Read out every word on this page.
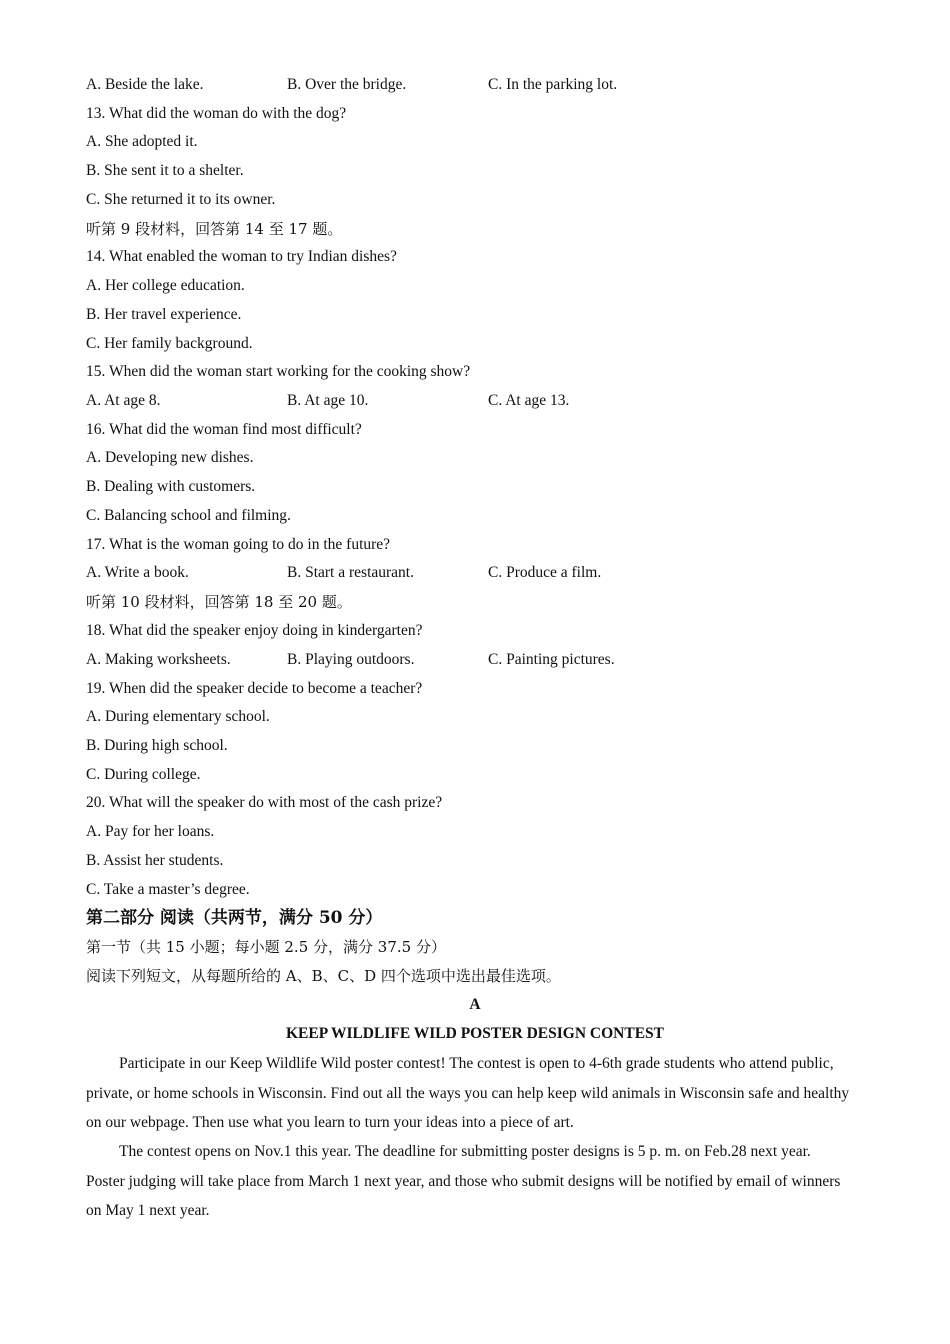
A. Beside the lake.	B. Over the bridge.	C. In the parking lot.
13. What did the woman do with the dog?
A. She adopted it.
B. She sent it to a shelter.
C. She returned it to its owner.
听第 9 段材料，回答第 14 至 17 题。
14. What enabled the woman to try Indian dishes?
A. Her college education.
B. Her travel experience.
C. Her family background.
15. When did the woman start working for the cooking show?
A. At age 8.	B. At age 10.	C. At age 13.
16. What did the woman find most difficult?
A. Developing new dishes.
B. Dealing with customers.
C. Balancing school and filming.
17. What is the woman going to do in the future?
A. Write a book.	B. Start a restaurant.	C. Produce a film.
听第 10 段材料，回答第 18 至 20 题。
18. What did the speaker enjoy doing in kindergarten?
A. Making worksheets.	B. Playing outdoors.	C. Painting pictures.
19. When did the speaker decide to become a teacher?
A. During elementary school.
B. During high school.
C. During college.
20. What will the speaker do with most of the cash prize?
A. Pay for her loans.
B. Assist her students.
C. Take a master’s degree.
第二部分 阅读（共两节，满分 50 分）
第一节（共 15 小题；每小题 2.5 分，满分 37.5 分）
阅读下列短文，从每题所给的 A、B、C、D 四个选项中选出最佳选项。
A
KEEP WILDLIFE WILD POSTER DESIGN CONTEST
Participate in our Keep Wildlife Wild poster contest! The contest is open to 4-6th grade students who attend public, private, or home schools in Wisconsin. Find out all the ways you can help keep wild animals in Wisconsin safe and healthy on our webpage. Then use what you learn to turn your ideas into a piece of art.
The contest opens on Nov.1 this year. The deadline for submitting poster designs is 5 p. m. on Feb.28 next year. Poster judging will take place from March 1 next year, and those who submit designs will be notified by email of winners on May 1 next year.
